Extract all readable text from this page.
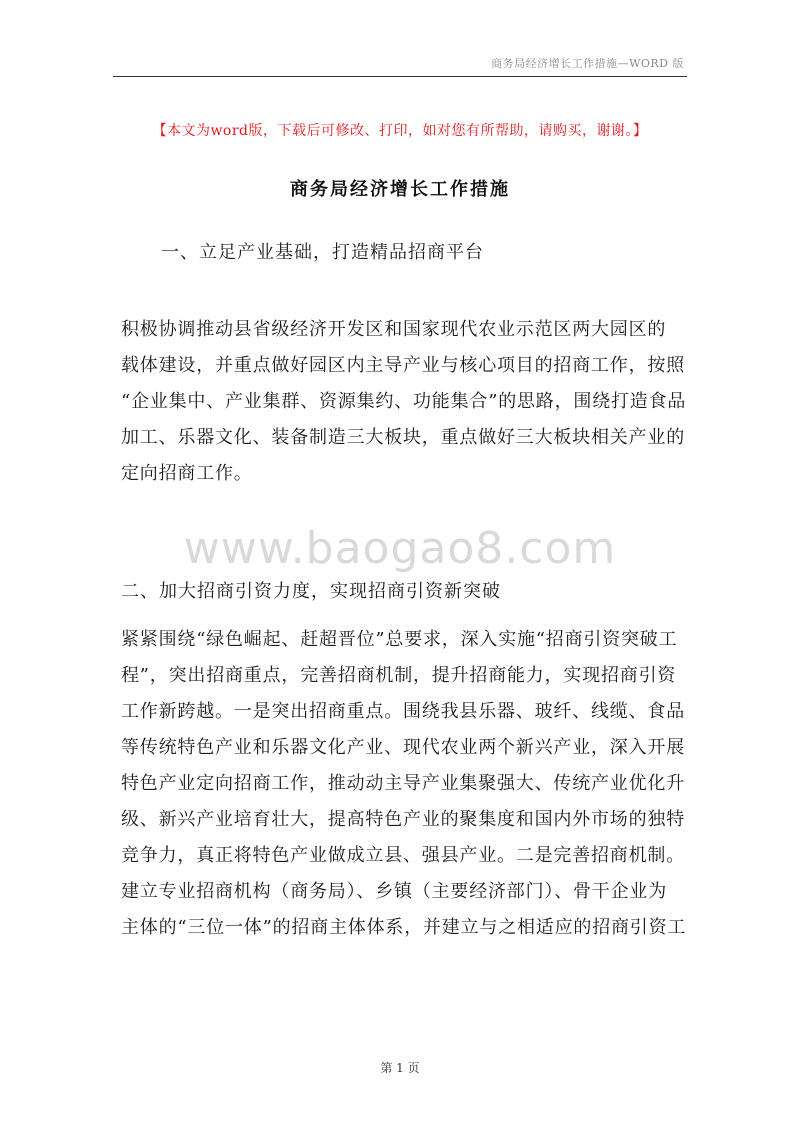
商务局经济增长工作措施—WORD 版
【本文为word版，下载后可修改、打印，如对您有所帮助，请购买，谢谢。】
商务局经济增长工作措施
一、立足产业基础，打造精品招商平台
积极协调推动县省级经济开发区和国家现代农业示范区两大园区的
载体建设，并重点做好园区内主导产业与核心项目的招商工作，按照
“企业集中、产业集群、资源集约、功能集合”的思路，围绕打造食品
加工、乐器文化、装备制造三大板块，重点做好三大板块相关产业的
定向招商工作。
www.baogao8.com
二、加大招商引资力度，实现招商引资新突破
紧紧围绕“绿色崛起、赶超晋位”总要求，深入实施“招商引资突破工
程”，突出招商重点，完善招商机制，提升招商能力，实现招商引资
工作新跨越。一是突出招商重点。围绕我县乐器、玻纤、线缆、食品
等传统特色产业和乐器文化产业、现代农业两个新兴产业，深入开展
特色产业定向招商工作，推动动主导产业集聚强大、传统产业优化升
级、新兴产业培育壮大，提高特色产业的聚集度和国内外市场的独特
竞争力，真正将特色产业做成立县、强县产业。二是完善招商机制。
建立专业招商机构（商务局）、乡镇（主要经济部门）、骨干企业为
主体的“三位一体”的招商主体体系，并建立与之相适应的招商引资工
第 1 页
